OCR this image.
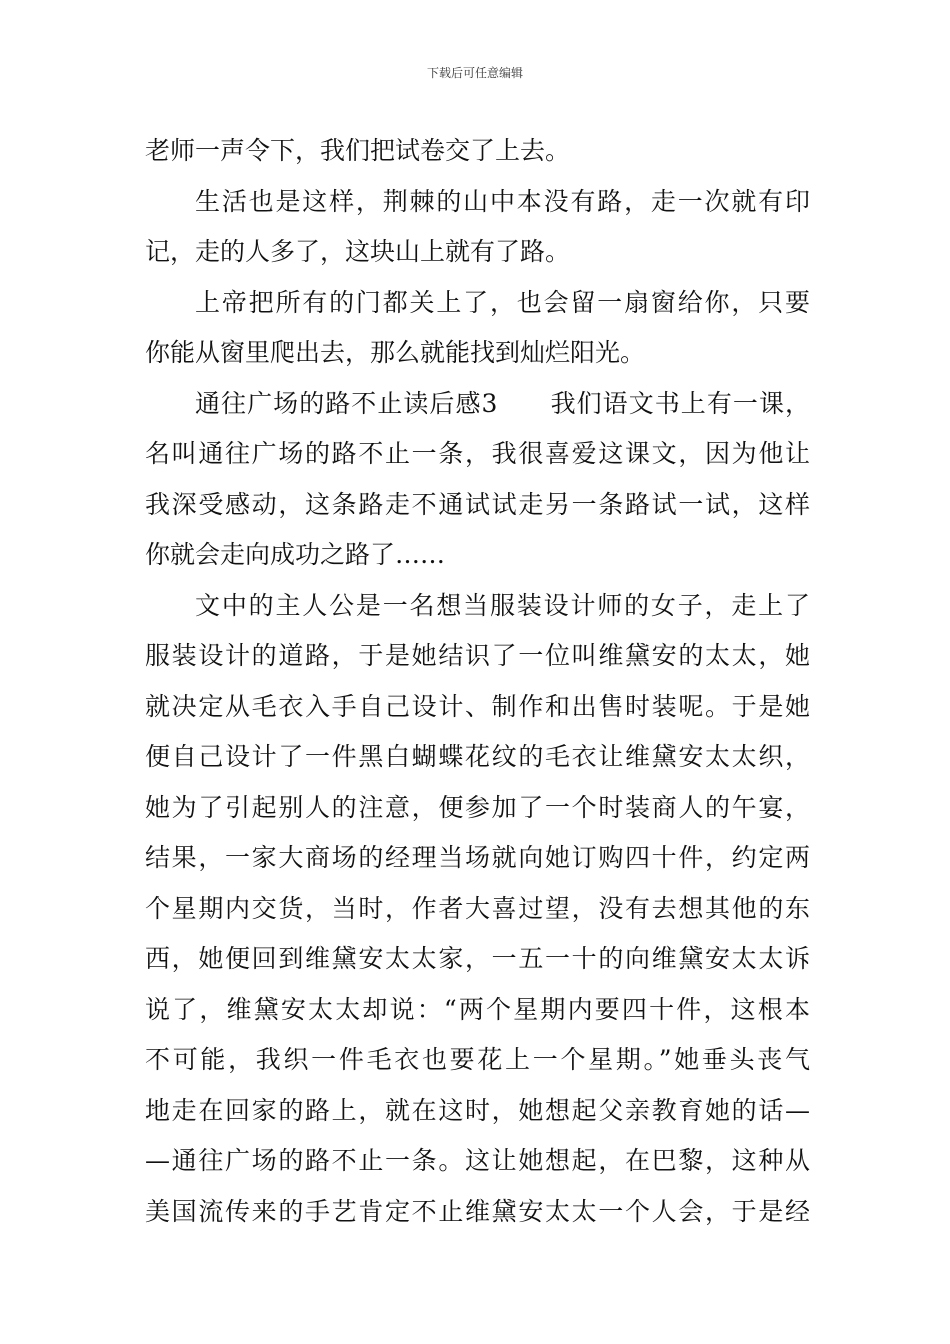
下载后可任意编辑
老师一声令下，我们把试卷交了上去。
生活也是这样，荆棘的山中本没有路，走一次就有印
记，走的人多了，这块山上就有了路。
上帝把所有的门都关上了，也会留一扇窗给你，只要
你能从窗里爬出去，那么就能找到灿烂阳光。
通往广场的路不止读后感3　　我们语文书上有一课，
名叫通往广场的路不止一条，我很喜爱这课文，因为他让
我深受感动，这条路走不通试试走另一条路试一试，这样
你就会走向成功之路了……
文中的主人公是一名想当服装设计师的女子，走上了
服装设计的道路，于是她结识了一位叫维黛安的太太，她
就决定从毛衣入手自己设计、制作和出售时装呢。于是她
便自己设计了一件黑白蝴蝶花纹的毛衣让维黛安太太织，
她为了引起别人的注意，便参加了一个时装商人的午宴，
结果，一家大商场的经理当场就向她订购四十件，约定两
个星期内交货，当时，作者大喜过望，没有去想其他的东
西，她便回到维黛安太太家，一五一十的向维黛安太太诉
说了，维黛安太太却说：“两个星期内要四十件，这根本
不可能，我织一件毛衣也要花上一个星期。”她垂头丧气
地走在回家的路上，就在这时，她想起父亲教育她的话—
—通往广场的路不止一条。这让她想起，在巴黎，这种从
美国流传来的手艺肯定不止维黛安太太一个人会，于是经
